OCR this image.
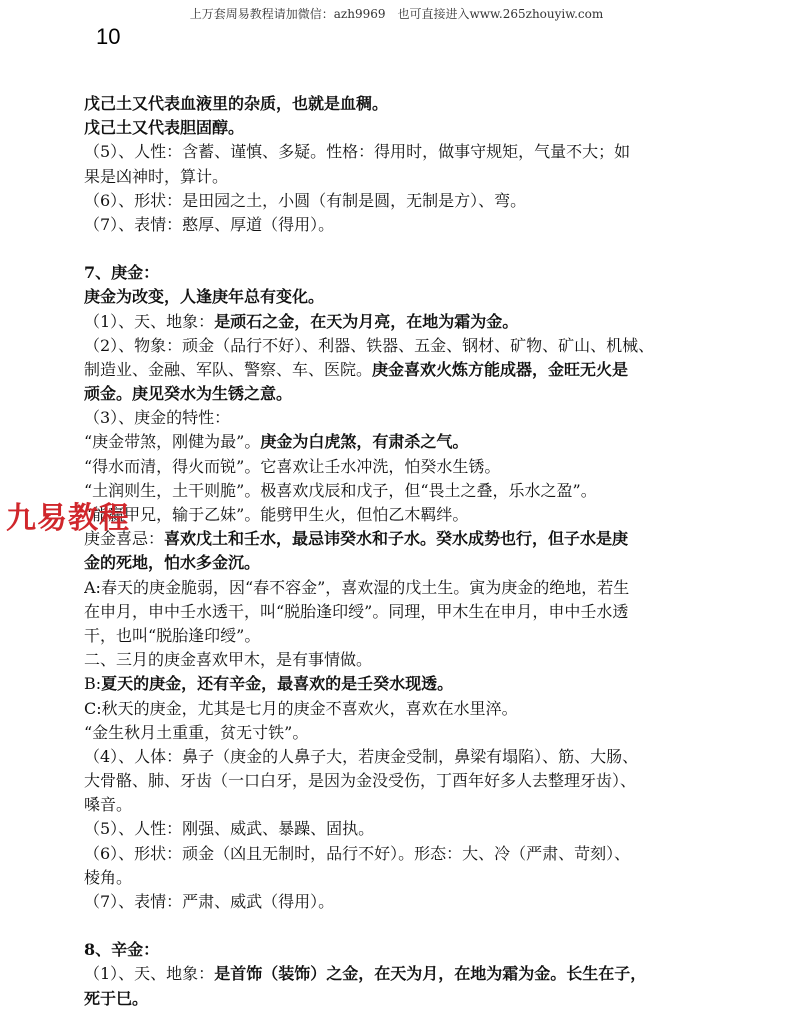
上万套周易教程请加微信：azh9969　也可直接进入www.265zhouyiw.com
10
戊己土又代表血液里的杂质，也就是血稠。
戊己土又代表胆固醇。
（5）、人性：含蓄、谨慎、多疑。性格：得用时，做事守规矩，气量不大；如
果是凶神时，算计。
（6）、形状：是田园之土，小圆（有制是圆，无制是方）、弯。
（7）、表情：憨厚、厚道（得用）。
7、庚金：
庚金为改变，人逢庚年总有变化。
（1）、天、地象：是顽石之金，在天为月亮，在地为霜为金。
（2）、物象：顽金（品行不好）、利器、铁器、五金、钢材、矿物、矿山、机械、
制造业、金融、军队、警察、车、医院。庚金喜欢火炼方能成器，金旺无火是
顽金。庚见癸水为生锈之意。
（3）、庚金的特性：
“庚金带煞，刚健为最”。庚金为白虎煞，有肃杀之气。
“得水而清，得火而锐”。它喜欢让壬水冲洗，怕癸水生锈。
“土润则生，土干则脆”。极喜欢戊辰和戊子，但“畏土之叠，乐水之盈”。
“能赢甲兄，输于乙妹”。能劈甲生火，但怕乙木羁绊。
庚金喜忌：喜欢戊土和壬水，最忌讳癸水和子水。癸水成势也行，但子水是庚
金的死地，怕水多金沉。
A:春天的庚金脆弱，因“春不容金”，喜欢湿的戊土生。寅为庚金的绝地，若生
在申月，申中壬水透干，叫“脱胎逢印绶”。同理，甲木生在申月，申中壬水透
干，也叫“脱胎逢印绶”。
二、三月的庚金喜欢甲木，是有事情做。
B:夏天的庚金，还有辛金，最喜欢的是壬癸水现透。
C:秋天的庚金，尤其是七月的庚金不喜欢火，喜欢在水里淬。
“金生秋月土重重，贫无寸铁”。
（4）、人体：鼻子（庚金的人鼻子大，若庚金受制，鼻梁有塌陷）、筋、大肠、
大骨骼、肺、牙齿（一口白牙，是因为金没受伤，丁酉年好多人去整理牙齿）、
嗓音。
（5）、人性：刚强、威武、暴躁、固执。
（6）、形状：顽金（凶且无制时，品行不好）。形态：大、冷（严肃、苛刻）、
棱角。
（7）、表情：严肃、威武（得用）。
8、辛金：
（1）、天、地象：是首饰（装饰）之金，在天为月，在地为霜为金。长生在子，
死于巳。
九易教程
